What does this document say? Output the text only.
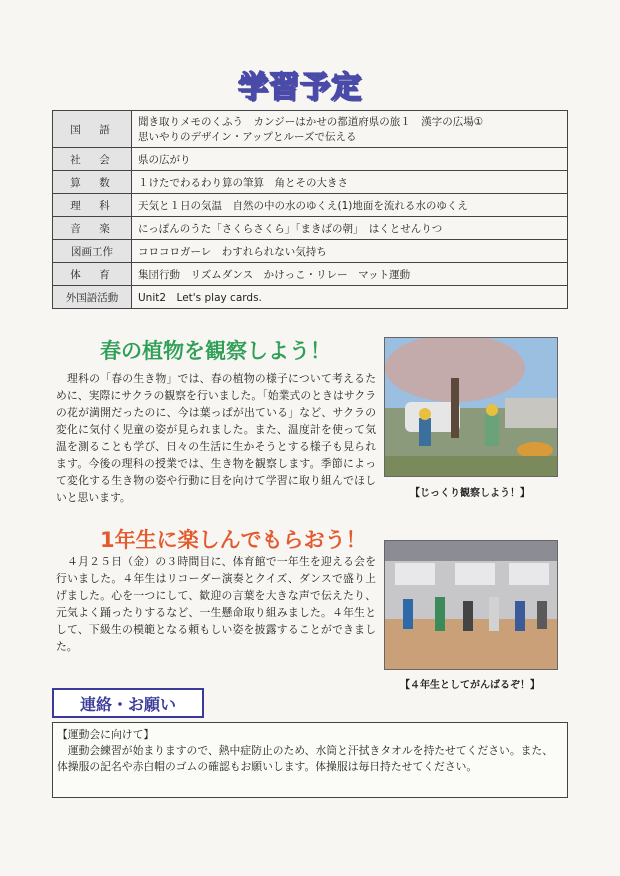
学習予定
国　語	聞き取りメモのくふう　カンジーはかせの都道府県の旅１　漢字の広場①
思いやりのデザイン・アップとルーズで伝える

社　会	県の広がり

算　数	１けたでわるわり算の筆算　角とその大きさ

理　科	天気と１日の気温　自然の中の水のゆくえ(1)地面を流れる水のゆくえ

音　楽	にっぽんのうた「さくらさくら」「まきばの朝」　はくとせんりつ

図画工作	コロコロガーレ　わすれられない気持ち

体　育	集団行動　リズムダンス　かけっこ・リレー　マット運動

外国語活動	Unit2　Let's play cards.
春の植物を観察しよう！
　理科の「春の生き物」では、春の植物の様子について考えるために、実際にサクラの観察を行いました。「始業式のときはサクラの花が満開だったのに、今は葉っぱが出ている」など、サクラの変化に気付く児童の姿が見られました。また、温度計を使って気温を測ることも学び、日々の生活に生かそうとする様子も見られます。今後の理科の授業では、生き物を観察します。季節によって変化する生き物の姿や行動に目を向けて学習に取り組んでほしいと思います。	【じっくり観察しよう！】
1年生に楽しんでもらおう！
　４月２５日（金）の３時間目に、体育館で一年生を迎える会を行いました。４年生はリコーダー演奏とクイズ、ダンスで盛り上げました。心を一つにして、歓迎の言葉を大きな声で伝えたり、元気よく踊ったりするなど、一生懸命取り組みました。４年生として、下級生の模範となる頼もしい姿を披露することができました。
【４年生としてがんばるぞ！】
連絡・お願い
【運動会に向けて】
　運動会練習が始まりますので、熱中症防止のため、水筒と汗拭きタオルを持たせてください。また、体操服の記名や赤白帽のゴムの確認もお願いします。体操服は毎日持たせてください。
